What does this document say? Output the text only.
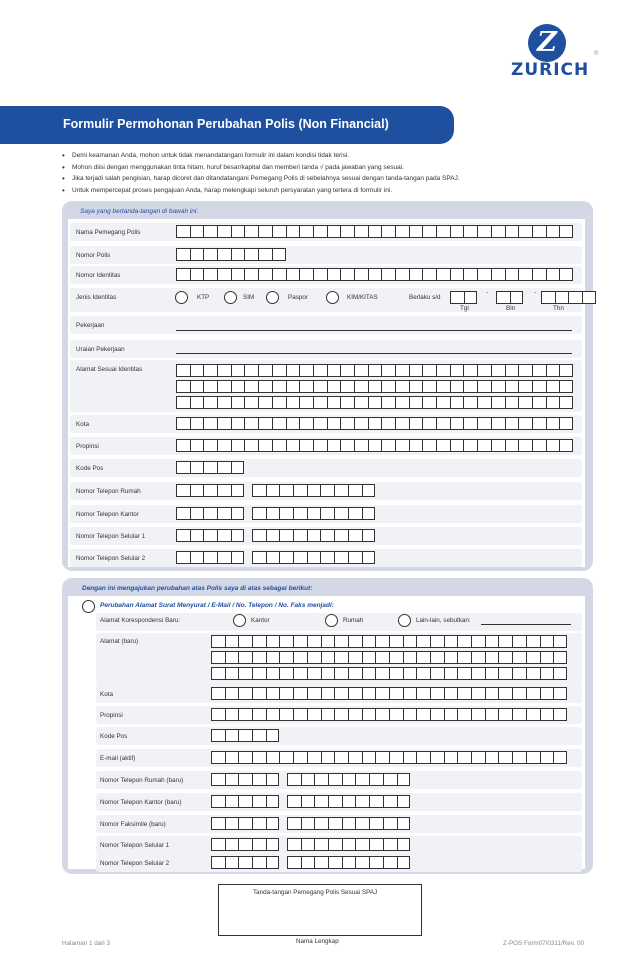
Z
ZURICH
®
Formulir Permohonan Perubahan Polis (Non Financial)
• Demi keamanan Anda, mohon untuk tidak menandatangani formulir ini dalam kondisi tidak terisi.
• Mohon diisi dengan menggunakan tinta hitam, huruf besar/kapital dan memberi tanda √ pada jawaban yang sesuai.
• Jika terjadi salah pengisian, harap dicoret dan ditandatangani Pemegang Polis di sebelahnya sesuai dengan tanda-tangan pada SPAJ.
• Untuk mempercepat proses pengajuan Anda, harap melengkapi seluruh persyaratan yang tertera di formulir ini.
Saya yang bertanda-tangan di bawah ini:
Nama Pemegang Polis
Nomor Polis
Nomor Identitas
Jenis Identitas	KTP	SIM	Paspor	KIM/KITAS	Berlaku s/d
-	-
Tgl	Bln	Thn
Pekerjaan
Uraian Pekerjaan
Alamat Sesuai Identitas
Kota
Propinsi
Kode Pos
Nomor Telepon Rumah
Nomor Telepon Kantor
Nomor Telepon Selular 1
Nomor Telepon Selular 2
Dengan ini mengajukan perubahan atas Polis saya di atas sebagai berikut:
Perubahan Alamat Surat Menyurat / E-Mail / No. Telepon / No. Faks menjadi:
Alamat Korespondensi Baru:	Kantor	Rumah	Lain-lain, sebutkan:
Alamat (baru)
Kota
Propinsi
Kode Pos
E-mail (aktif)
Nomor Telepon Rumah (baru)
Nomor Telepon Kantor (baru)
Nomor Faksimile (baru)
Nomor Telepon Selular 1
Nomor Telepon Selular 2
Tanda-tangan Pemegang Polis Sesuai SPAJ
Nama Lengkap
Halaman 1 dari 3	Z-POS Form07/0311/Rev. 00
